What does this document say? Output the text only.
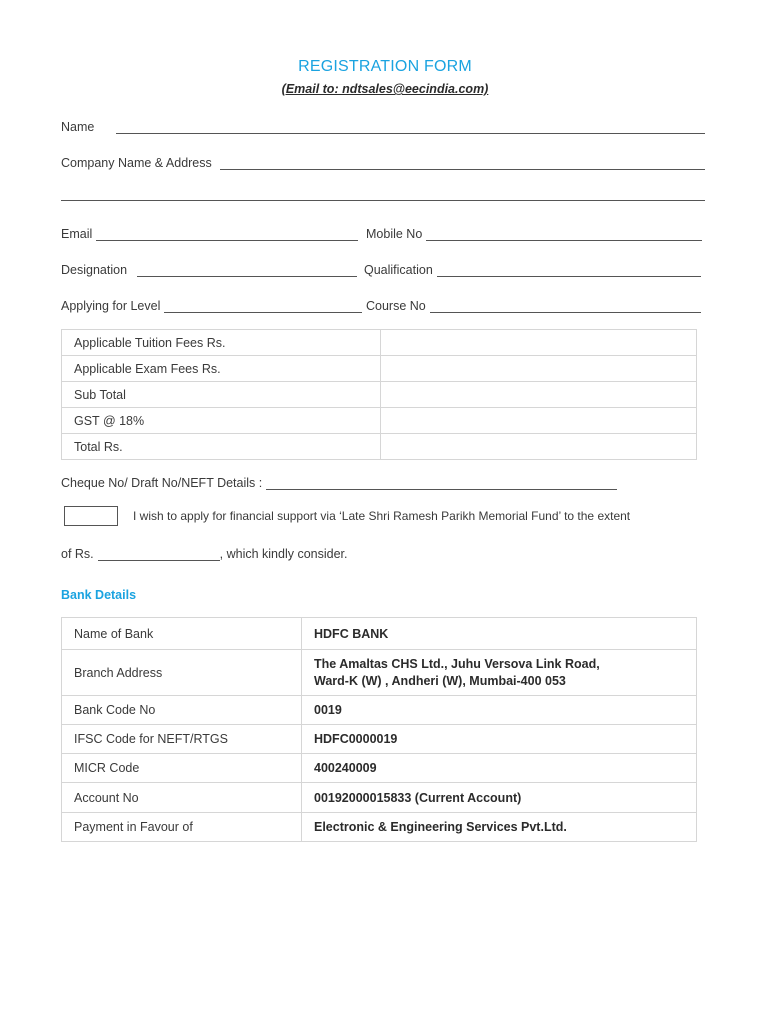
REGISTRATION FORM
(Email to: ndtsales@eecindia.com)
Name
Company Name & Address
Email	Mobile No
Designation	Qualification
Applying for Level	Course No
Applicable Tuition Fees Rs.	
Applicable Exam Fees Rs.	
Sub Total	
GST @ 18%	
Total Rs.	
Cheque No/ Draft No/NEFT Details :
I wish to apply for financial support via ‘Late Shri Ramesh Parikh Memorial Fund’ to the extent
of Rs.	, which kindly consider.
Bank Details
Name of Bank	HDFC BANK
Branch Address	The Amaltas CHS Ltd., Juhu Versova Link Road,
Ward-K (W) , Andheri (W), Mumbai-400 053

Bank Code No	0019
IFSC Code for NEFT/RTGS	HDFC0000019
MICR Code	400240009
Account No	00192000015833 (Current Account)
Payment in Favour of	Electronic & Engineering Services Pvt.Ltd.
